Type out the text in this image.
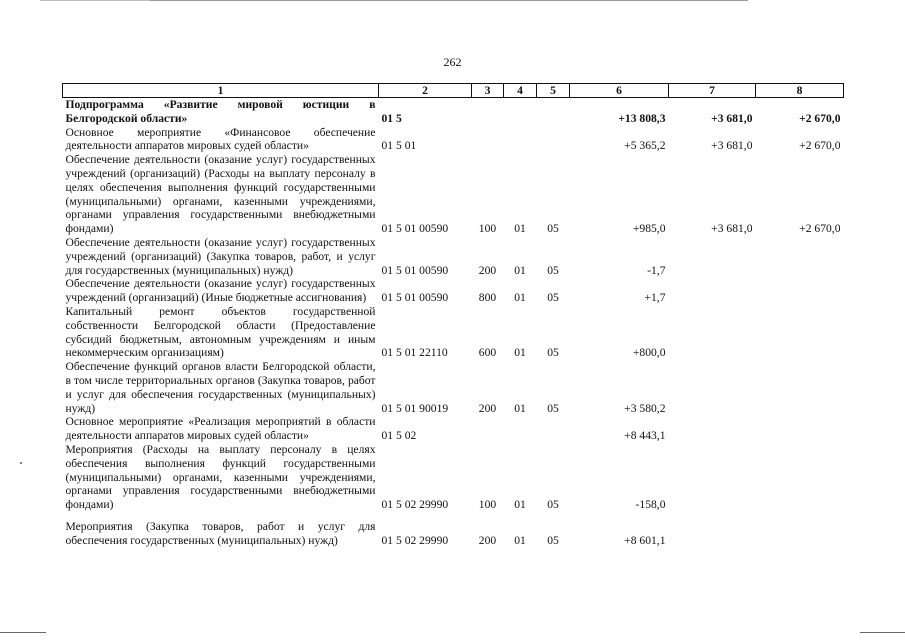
262
1	2	3	4	5	6	7	8
Подпрограмма «Развитие мировой юстиции в Белгородской области»	01 5				+13 808,3	+3 681,0	+2 670,0
Основное мероприятие «Финансовое обеспечение деятельности аппаратов мировых судей области»	01 5 01				+5 365,2	+3 681,0	+2 670,0
Обеспечение деятельности (оказание услуг) государственных учреждений (организаций) (Расходы на выплату персоналу в целях обеспечения выполнения функций государственными (муниципальными) органами, казенными учреждениями, органами управления государственными внебюджетными фондами)	01 5 01 00590	100	01	05	+985,0	+3 681,0	+2 670,0
Обеспечение деятельности (оказание услуг) государственных учреждений (организаций) (Закупка товаров, работ, и услуг для государственных (муниципальных) нужд)	01 5 01 00590	200	01	05	-1,7		
Обеспечение деятельности (оказание услуг) государственных учреждений (организаций) (Иные бюджетные ассигнования)	01 5 01 00590	800	01	05	+1,7		
Капитальный ремонт объектов государственной собственности Белгородской области (Предоставление субсидий бюджетным, автономным учреждениям и иным некоммерческим организациям)	01 5 01 22110	600	01	05	+800,0		
Обеспечение функций органов власти Белгородской области, в том числе территориальных органов (Закупка товаров, работ и услуг для обеспечения государственных (муниципальных) нужд)	01 5 01 90019	200	01	05	+3 580,2		
Основное мероприятие «Реализация мероприятий в области деятельности аппаратов мировых судей области»	01 5 02				+8 443,1		
Мероприятия (Расходы на выплату персоналу в целях обеспечения выполнения функций государственными (муниципальными) органами, казенными учреждениями, органами управления государственными внебюджетными фондами)	01 5 02 29990	100	01	05	-158,0		
Мероприятия (Закупка товаров, работ и услуг для обеспечения государственных (муниципальных) нужд)	01 5 02 29990	200	01	05	+8 601,1		
